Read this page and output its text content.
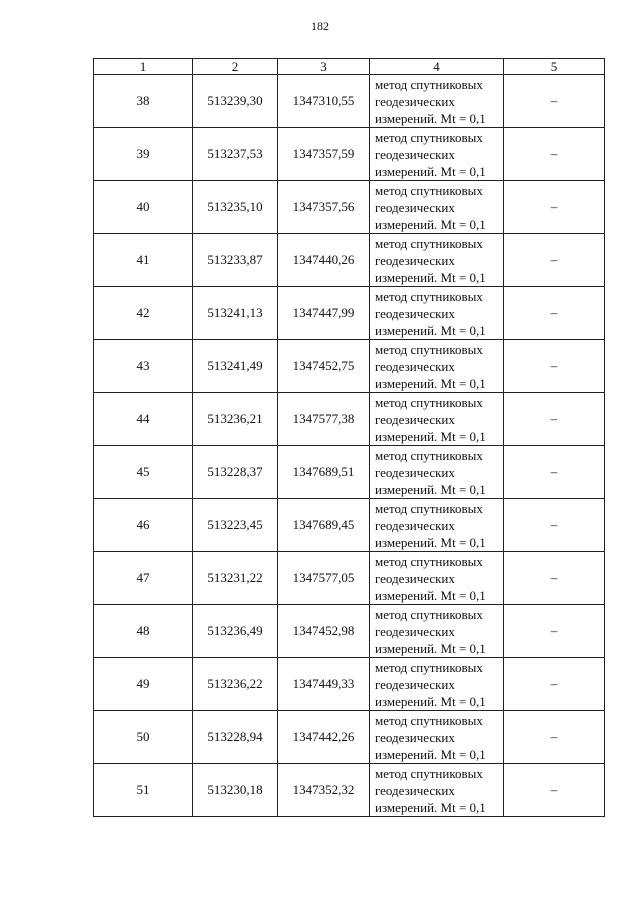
182
1	2	3	4	5
38	513239,30	1347310,55	метод спутниковых
геодезических
измерений. Mt = 0,1	–
39	513237,53	1347357,59	метод спутниковых
геодезических
измерений. Mt = 0,1	–
40	513235,10	1347357,56	метод спутниковых
геодезических
измерений. Mt = 0,1	–
41	513233,87	1347440,26	метод спутниковых
геодезических
измерений. Mt = 0,1	–
42	513241,13	1347447,99	метод спутниковых
геодезических
измерений. Mt = 0,1	–
43	513241,49	1347452,75	метод спутниковых
геодезических
измерений. Mt = 0,1	–
44	513236,21	1347577,38	метод спутниковых
геодезических
измерений. Mt = 0,1	–
45	513228,37	1347689,51	метод спутниковых
геодезических
измерений. Mt = 0,1	–
46	513223,45	1347689,45	метод спутниковых
геодезических
измерений. Mt = 0,1	–
47	513231,22	1347577,05	метод спутниковых
геодезических
измерений. Mt = 0,1	–
48	513236,49	1347452,98	метод спутниковых
геодезических
измерений. Mt = 0,1	–
49	513236,22	1347449,33	метод спутниковых
геодезических
измерений. Mt = 0,1	–
50	513228,94	1347442,26	метод спутниковых
геодезических
измерений. Mt = 0,1	–
51	513230,18	1347352,32	метод спутниковых
геодезических
измерений. Mt = 0,1	–
